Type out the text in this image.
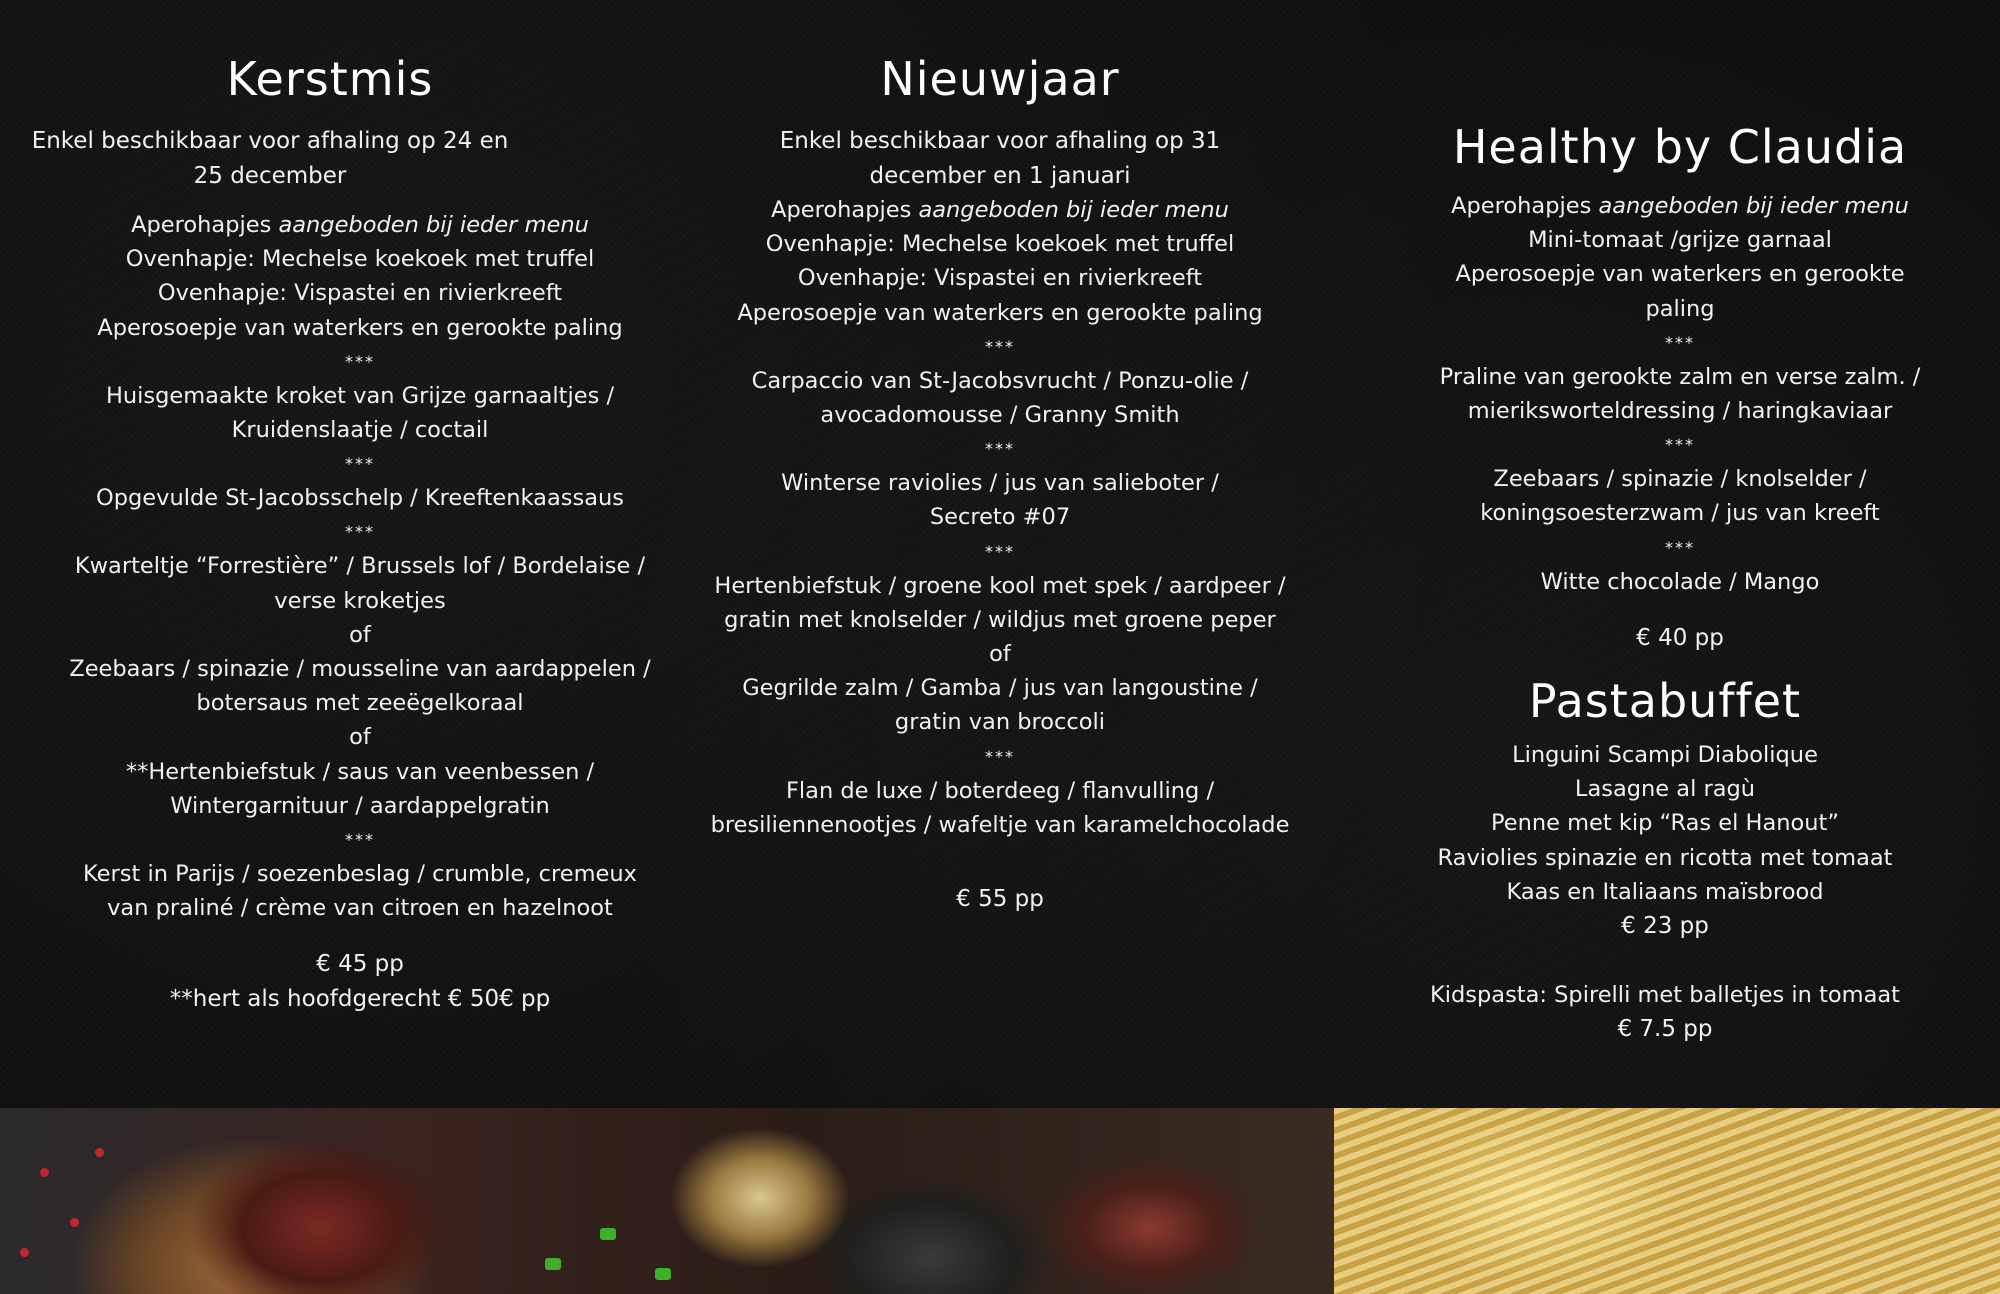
Kerstmis
Enkel beschikbaar voor afhaling op 24 en
25 december
Aperohapjes aangeboden bij ieder menu
Ovenhapje: Mechelse koekoek met truffel
Ovenhapje: Vispastei en rivierkreeft
Aperosoepje van waterkers en gerookte paling
***
Huisgemaakte kroket van Grijze garnaaltjes /
Kruidenslaatje / coctail
***
Opgevulde St-Jacobsschelp / Kreeftenkaassaus
***
Kwarteltje “Forrestière” / Brussels lof / Bordelaise /
verse kroketjes
of
Zeebaars / spinazie / mousseline van aardappelen /
botersaus met zeeëgelkoraal
of
**Hertenbiefstuk / saus van veenbessen /
Wintergarnituur / aardappelgratin
***
Kerst in Parijs / soezenbeslag / crumble, cremeux
van praliné / crème van citroen en hazelnoot
€ 45 pp
**hert als hoofdgerecht € 50€ pp
Nieuwjaar
Enkel beschikbaar voor afhaling op 31
december en 1 januari
Aperohapjes aangeboden bij ieder menu
Ovenhapje: Mechelse koekoek met truffel
Ovenhapje: Vispastei en rivierkreeft
Aperosoepje van waterkers en gerookte paling
***
Carpaccio van St-Jacobsvrucht / Ponzu-olie /
avocadomousse / Granny Smith
***
Winterse raviolies / jus van salieboter /
Secreto #07
***
Hertenbiefstuk / groene kool met spek / aardpeer /
gratin met knolselder / wildjus met groene peper
of
Gegrilde zalm / Gamba / jus van langoustine /
gratin van broccoli
***
Flan de luxe / boterdeeg / flanvulling /
bresiliennenootjes / wafeltje van karamelchocolade
€ 55 pp
Healthy by Claudia
Aperohapjes aangeboden bij ieder menu
Mini-tomaat /grijze garnaal
Aperosoepje van waterkers en gerookte
paling
***
Praline van gerookte zalm en verse zalm. /
mieriksworteldressing / haringkaviaar
***
Zeebaars / spinazie / knolselder /
koningsoesterzwam / jus van kreeft
***
Witte chocolade / Mango
€ 40 pp
Pastabuffet
Linguini Scampi Diabolique
Lasagne al ragù
Penne met kip “Ras el Hanout”
Raviolies spinazie en ricotta met tomaat
Kaas en Italiaans maïsbrood
€ 23 pp
Kidspasta: Spirelli met balletjes in tomaat
€ 7.5 pp
